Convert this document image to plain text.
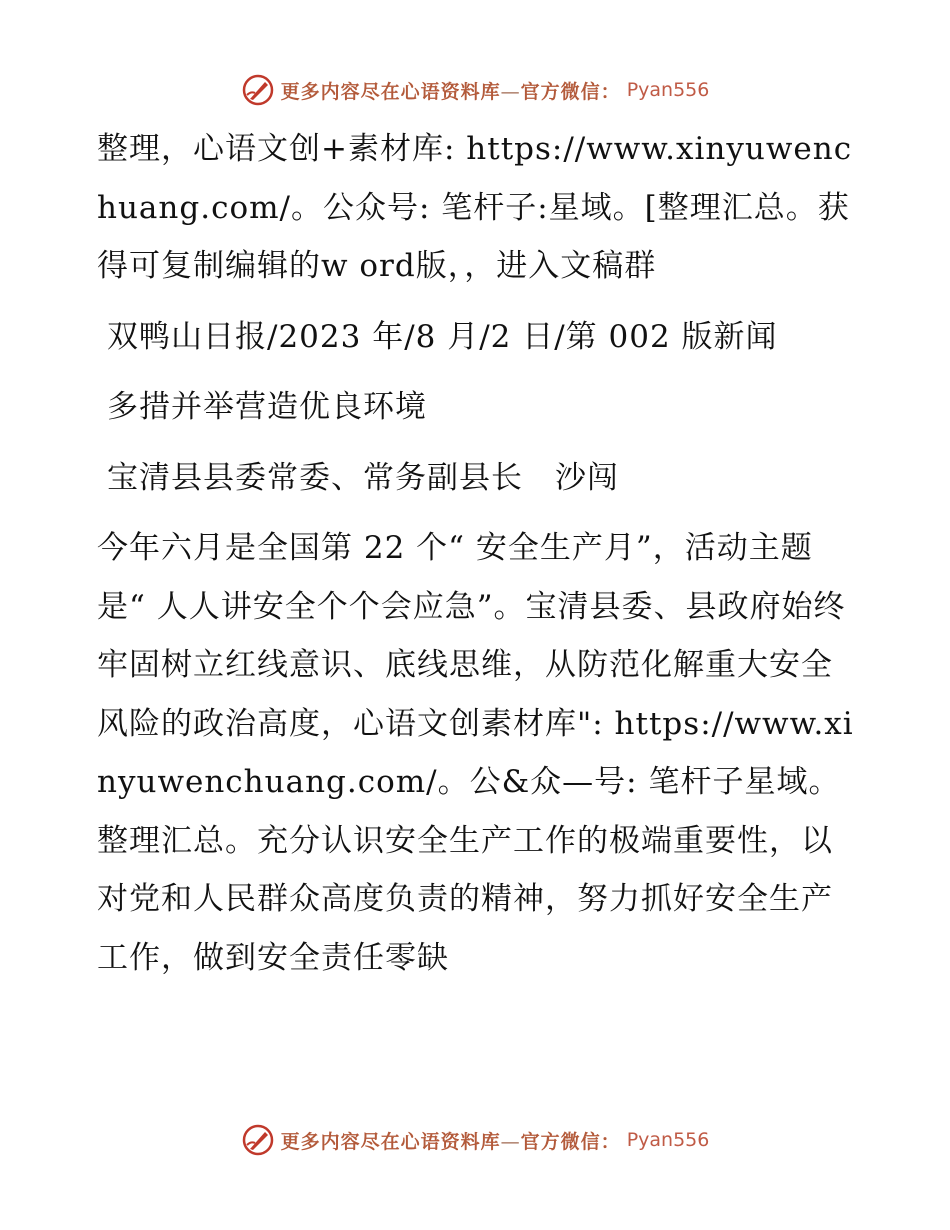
更多内容尽在心语资料库—官方微信： Pyan556

整理，心语文创+素材库: https://www.xinyuwenchuang.com/。公众号: 笔杆子:星域。[整理汇总。获得可复制编辑的w ord版，，进入文稿群

双鸭山日报/2023 年/8 月/2 日/第 002 版新闻

多措并举营造优良环境

宝清县县委常委、常务副县长　沙闯

今年六月是全国第 22 个“ 安全生产月”，活动主题是“ 人人讲安全个个会应急”。宝清县委、县政府始终牢固树立红线意识、底线思维，从防范化解重大安全风险的政治高度，心语文创素材库": https://www.xinyuwenchuang.com/。公&众—号: 笔杆子星域。整理汇总。充分认识安全生产工作的极端重要性，以对党和人民群众高度负责的精神，努力抓好安全生产工作，做到安全责任零缺

更多内容尽在心语资料库—官方微信： Pyan556
